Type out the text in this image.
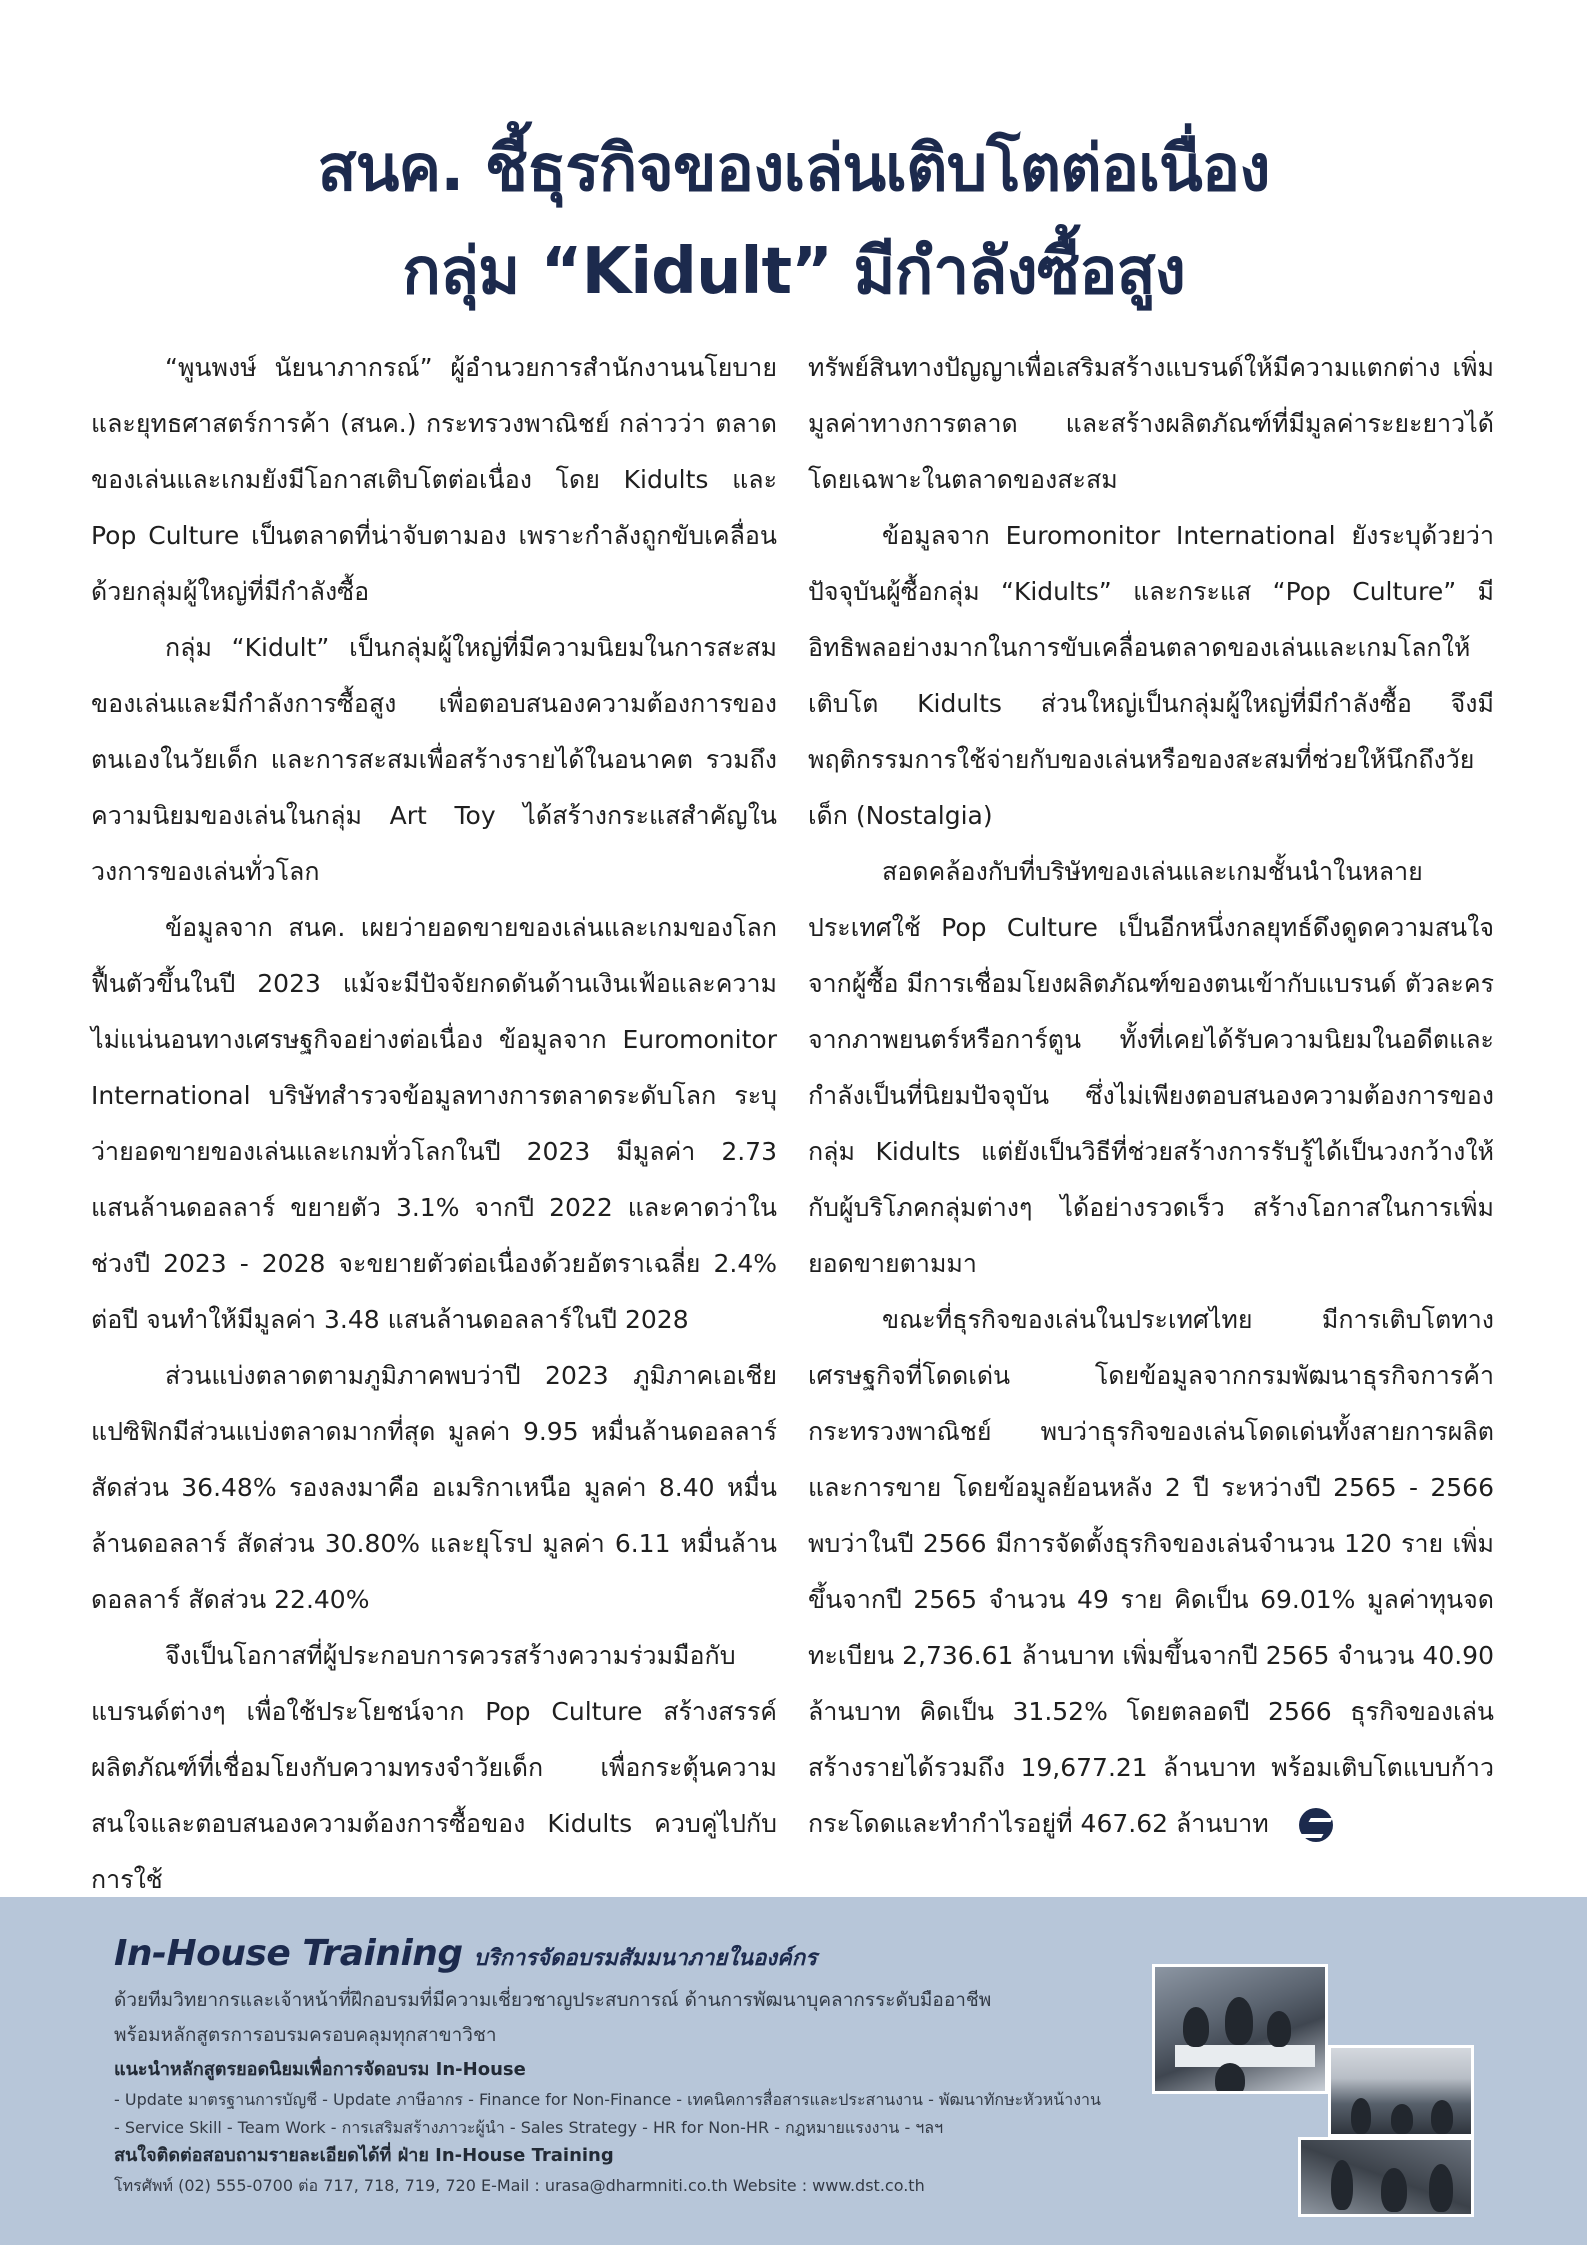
สนค. ชี้ธุรกิจของเล่นเติบโตต่อเนื่อง
กลุ่ม “Kidult” มีกำลังซื้อสูง

“พูนพงษ์ นัยนาภากรณ์” ผู้อำนวยการสำนักงานนโยบายและยุทธศาสตร์การค้า (สนค.) กระทรวงพาณิชย์ กล่าวว่า ตลาดของเล่นและเกมยังมีโอกาสเติบโตต่อเนื่อง โดย Kidults และ Pop Culture เป็นตลาดที่น่าจับตามอง เพราะกำลังถูกขับเคลื่อนด้วยกลุ่มผู้ใหญ่ที่มีกำลังซื้อ

กลุ่ม “Kidult” เป็นกลุ่มผู้ใหญ่ที่มีความนิยมในการสะสมของเล่นและมีกำลังการซื้อสูง เพื่อตอบสนองความต้องการของตนเองในวัยเด็ก และการสะสมเพื่อสร้างรายได้ในอนาคต รวมถึงความนิยมของเล่นในกลุ่ม Art Toy ได้สร้างกระแสสำคัญในวงการของเล่นทั่วโลก

ข้อมูลจาก สนค. เผยว่ายอดขายของเล่นและเกมของโลกฟื้นตัวขึ้นในปี 2023 แม้จะมีปัจจัยกดดันด้านเงินเฟ้อและความไม่แน่นอนทางเศรษฐกิจอย่างต่อเนื่อง ข้อมูลจาก Euromonitor International บริษัทสำรวจข้อมูลทางการตลาดระดับโลก ระบุว่ายอดขายของเล่นและเกมทั่วโลกในปี 2023 มีมูลค่า 2.73 แสนล้านดอลลาร์ ขยายตัว 3.1% จากปี 2022 และคาดว่าในช่วงปี 2023 - 2028 จะขยายตัวต่อเนื่องด้วยอัตราเฉลี่ย 2.4% ต่อปี จนทำให้มีมูลค่า 3.48 แสนล้านดอลลาร์ในปี 2028

ส่วนแบ่งตลาดตามภูมิภาคพบว่าปี 2023 ภูมิภาคเอเชียแปซิฟิกมีส่วนแบ่งตลาดมากที่สุด มูลค่า 9.95 หมื่นล้านดอลลาร์ สัดส่วน 36.48% รองลงมาคือ อเมริกาเหนือ มูลค่า 8.40 หมื่นล้านดอลลาร์ สัดส่วน 30.80% และยุโรป มูลค่า 6.11 หมื่นล้านดอลลาร์ สัดส่วน 22.40%

จึงเป็นโอกาสที่ผู้ประกอบการควรสร้างความร่วมมือกับแบรนด์ต่างๆ เพื่อใช้ประโยชน์จาก Pop Culture สร้างสรรค์ผลิตภัณฑ์ที่เชื่อมโยงกับความทรงจำวัยเด็ก เพื่อกระตุ้นความสนใจและตอบสนองความต้องการซื้อของ Kidults ควบคู่ไปกับการใช้

ทรัพย์สินทางปัญญาเพื่อเสริมสร้างแบรนด์ให้มีความแตกต่าง เพิ่มมูลค่าทางการตลาด และสร้างผลิตภัณฑ์ที่มีมูลค่าระยะยาวได้ โดยเฉพาะในตลาดของสะสม

ข้อมูลจาก Euromonitor International ยังระบุด้วยว่า ปัจจุบันผู้ซื้อกลุ่ม “Kidults” และกระแส “Pop Culture” มีอิทธิพลอย่างมากในการขับเคลื่อนตลาดของเล่นและเกมโลกให้เติบโต Kidults ส่วนใหญ่เป็นกลุ่มผู้ใหญ่ที่มีกำลังซื้อ จึงมีพฤติกรรมการใช้จ่ายกับของเล่นหรือของสะสมที่ช่วยให้นึกถึงวัยเด็ก (Nostalgia)

สอดคล้องกับที่บริษัทของเล่นและเกมชั้นนำในหลายประเทศใช้ Pop Culture เป็นอีกหนึ่งกลยุทธ์ดึงดูดความสนใจจากผู้ซื้อ มีการเชื่อมโยงผลิตภัณฑ์ของตนเข้ากับแบรนด์ ตัวละครจากภาพยนตร์หรือการ์ตูน ทั้งที่เคยได้รับความนิยมในอดีตและกำลังเป็นที่นิยมปัจจุบัน ซึ่งไม่เพียงตอบสนองความต้องการของกลุ่ม Kidults แต่ยังเป็นวิธีที่ช่วยสร้างการรับรู้ได้เป็นวงกว้างให้กับผู้บริโภคกลุ่มต่างๆ ได้อย่างรวดเร็ว สร้างโอกาสในการเพิ่มยอดขายตามมา

ขณะที่ธุรกิจของเล่นในประเทศไทย มีการเติบโตทางเศรษฐกิจที่โดดเด่น โดยข้อมูลจากกรมพัฒนาธุรกิจการค้า กระทรวงพาณิชย์ พบว่าธุรกิจของเล่นโดดเด่นทั้งสายการผลิตและการขาย โดยข้อมูลย้อนหลัง 2 ปี ระหว่างปี 2565 - 2566 พบว่าในปี 2566 มีการจัดตั้งธุรกิจของเล่นจำนวน 120 ราย เพิ่มขึ้นจากปี 2565 จำนวน 49 ราย คิดเป็น 69.01% มูลค่าทุนจดทะเบียน 2,736.61 ล้านบาท เพิ่มขึ้นจากปี 2565 จำนวน 40.90 ล้านบาท คิดเป็น 31.52% โดยตลอดปี 2566 ธุรกิจของเล่นสร้างรายได้รวมถึง 19,677.21 ล้านบาท พร้อมเติบโตแบบก้าวกระโดดและทำกำไรอยู่ที่ 467.62 ล้านบาท

In-House Training บริการจัดอบรมสัมมนาภายในองค์กร
ด้วยทีมวิทยากรและเจ้าหน้าที่ฝึกอบรมที่มีความเชี่ยวชาญประสบการณ์ ด้านการพัฒนาบุคลากรระดับมืออาชีพ
พร้อมหลักสูตรการอบรมครอบคลุมทุกสาขาวิชา
แนะนำหลักสูตรยอดนิยมเพื่อการจัดอบรม In-House
- Update มาตรฐานการบัญชี - Update ภาษีอากร - Finance for Non-Finance - เทคนิคการสื่อสารและประสานงาน - พัฒนาทักษะหัวหน้างาน
- Service Skill - Team Work - การเสริมสร้างภาวะผู้นำ - Sales Strategy - HR for Non-HR - กฎหมายแรงงาน - ฯลฯ
สนใจติดต่อสอบถามรายละเอียดได้ที่ ฝ่าย In-House Training
โทรศัพท์ (02) 555-0700 ต่อ 717, 718, 719, 720 E-Mail : urasa@dharmniti.co.th Website : www.dst.co.th
